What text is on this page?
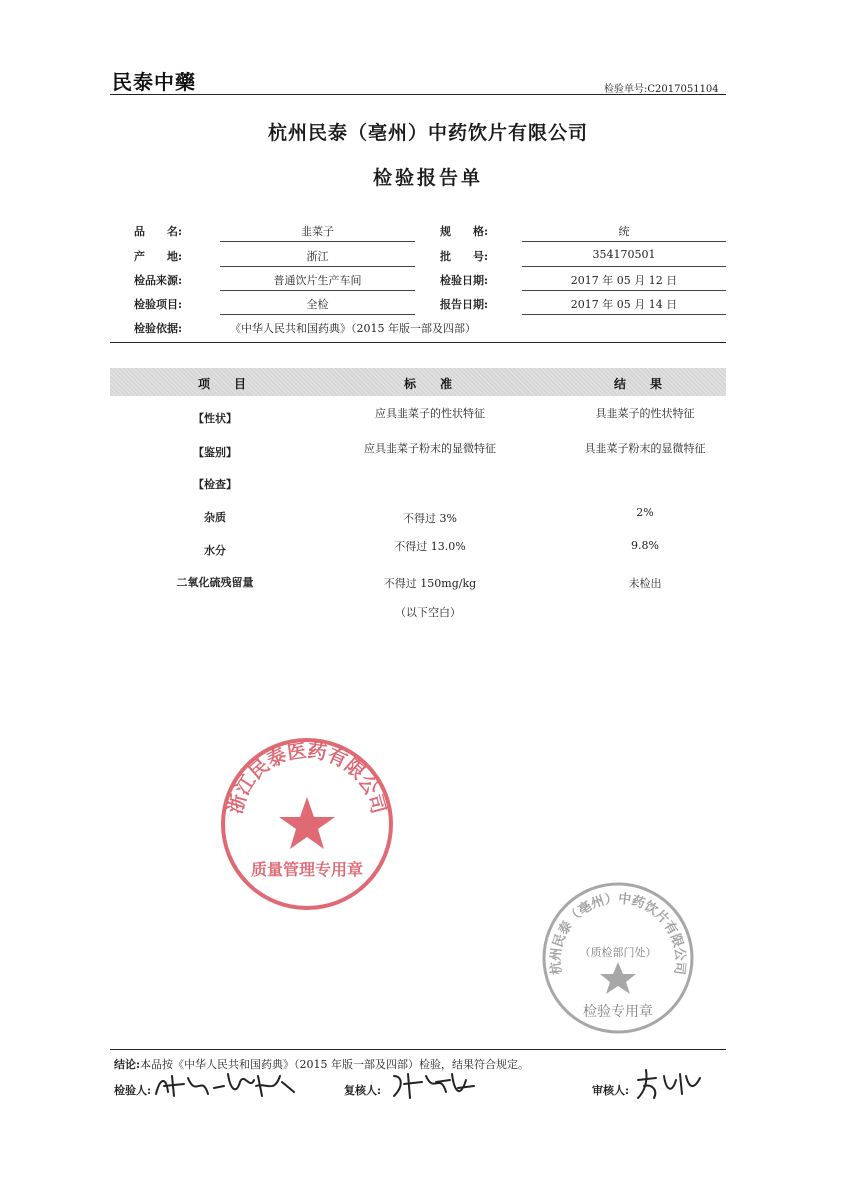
民泰中藥	检验单号:C2017051104
杭州民泰（亳州）中药饮片有限公司
检验报告单
品　　名:	韭菜子
产　　地:	浙江
检品来源:	普通饮片生产车间
检验项目:	全检
检验依据:	《中华人民共和国药典》（2015 年版一部及四部）
规　　格:	统
批　　号:	354170501
检验日期:	2017 年 05 月 12 日
报告日期:	2017 年 05 月 14 日
项　目	标　准	结　果
【性状】	应具韭菜子的性状特征	具韭菜子的性状特征
【鉴别】	应具韭菜子粉末的显微特征	具韭菜子粉末的显微特征
【检查】
杂质	不得过 3%	2%
水分	不得过 13.0%	9.8%
二氧化硫残留量	不得过 150mg/kg	未检出
（以下空白）
浙江民泰医药有限公司
质量管理专用章
杭州民泰（亳州）中药饮片有限公司
（质检部门处）
检验专用章
结论:本品按《中华人民共和国药典》（2015 年版一部及四部）检验，结果符合规定。
检验人:	复核人:	审核人:
